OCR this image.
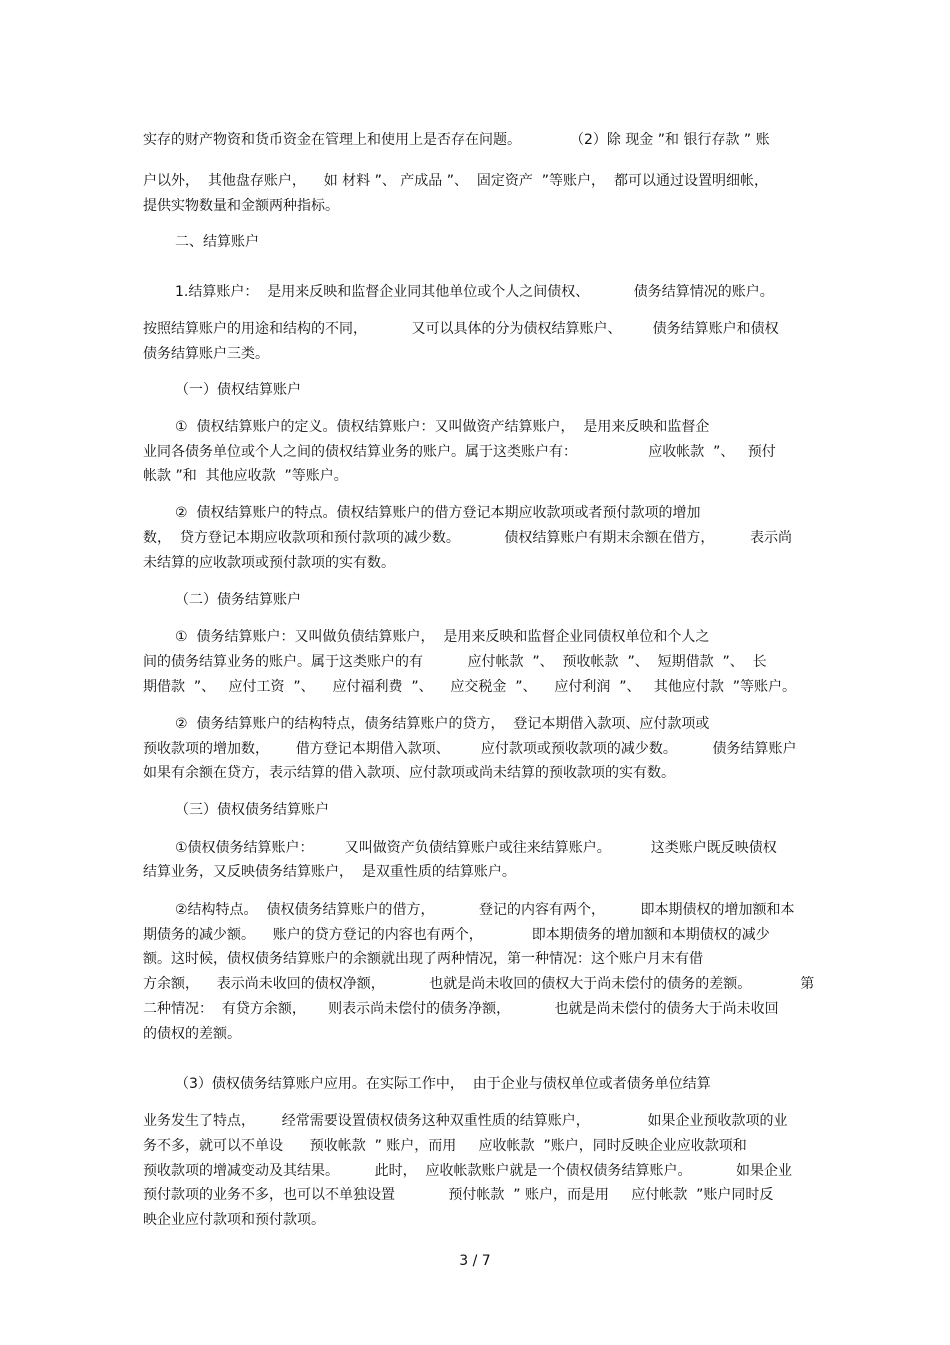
实存的财产物资和货币资金在管理上和使用上是否存在问题。           （2）除 现金 ”和 银行存款 ” 账

户以外，  其他盘存账户，    如 材料 ”、 产成品 ”、  固定资产  ”等账户，  都可以通过设置明细帐，

提供实物数量和金额两种指标。

二、结算账户

1.结算账户：  是用来反映和监督企业同其他单位或个人之间债权、          债务结算情况的账户。

按照结算账户的用途和结构的不同，          又可以具体的分为债权结算账户、       债务结算账户和债权

债务结算账户三类。

（一）债权结算账户

①  债权结算账户的定义。债权结算账户：又叫做资产结算账户，  是用来反映和监督企

业同各债务单位或个人之间的债权结算业务的账户。属于这类账户有：                应收帐款  ”、   预付

帐款 ”和  其他应收款  ”等账户。

②  债权结算账户的特点。债权结算账户的借方登记本期应收款项或者预付款项的增加

数，  贷方登记本期应收款项和预付款项的减少数。          债权结算账户有期末余额在借方，        表示尚

未结算的应收款项或预付款项的实有数。

（二）债务结算账户

①  债务结算账户：又叫做负债结算账户，  是用来反映和监督企业同债权单位和个人之

间的债务结算业务的账户。属于这类账户的有          应付帐款  ”、  预收帐款  ”、  短期借款  ”、  长

期借款  ”、   应付工资  ”、    应付福利费  ”、    应交税金  ”、    应付利润  ”、   其他应付款  ”等账户。

②  债务结算账户的结构特点，债务结算账户的贷方，  登记本期借入款项、应付款项或

预收款项的增加数，      借方登记本期借入款项、       应付款项或预收款项的减少数。        债务结算账户

如果有余额在贷方，表示结算的借入款项、应付款项或尚未结算的预收款项的实有数。

（三）债权债务结算账户

①债权债务结算账户：       又叫做资产负债结算账户或往来结算账户。         这类账户既反映债权

结算业务，又反映债务结算账户，  是双重性质的结算账户。

②结构特点。  债权债务结算账户的借方，          登记的内容有两个，        即本期债权的增加额和本

期债务的减少额。    账户的贷方登记的内容也有两个，           即本期债务的增加额和本期债权的减少

额。这时候，债权债务结算账户的余额就出现了两种情况，第一种情况：这个账户月末有借

方余额，    表示尚未收回的债权净额，          也就是尚未收回的债权大于尚未偿付的债务的差额。           第

二种情况：  有贷方余额，     则表示尚未偿付的债务净额，          也就是尚未偿付的债务大于尚未收回

的债权的差额。

（3）债权债务结算账户应用。在实际工作中，  由于企业与债权单位或者债务单位结算

业务发生了特点，      经常需要设置债权债务这种双重性质的结算账户，             如果企业预收款项的业

务不多，就可以不单设      预收帐款  ” 账户，而用     应收帐款  ”账户，同时反映企业应收款项和

预收款项的增减变动及其结果。        此时，  应收帐款账户就是一个债权债务结算账户。          如果企业

预付款项的业务不多，也可以不单独设置            预付帐款  ” 账户，而是用     应付帐款  ”账户同时反

映企业应付款项和预付款项。

3 / 7
